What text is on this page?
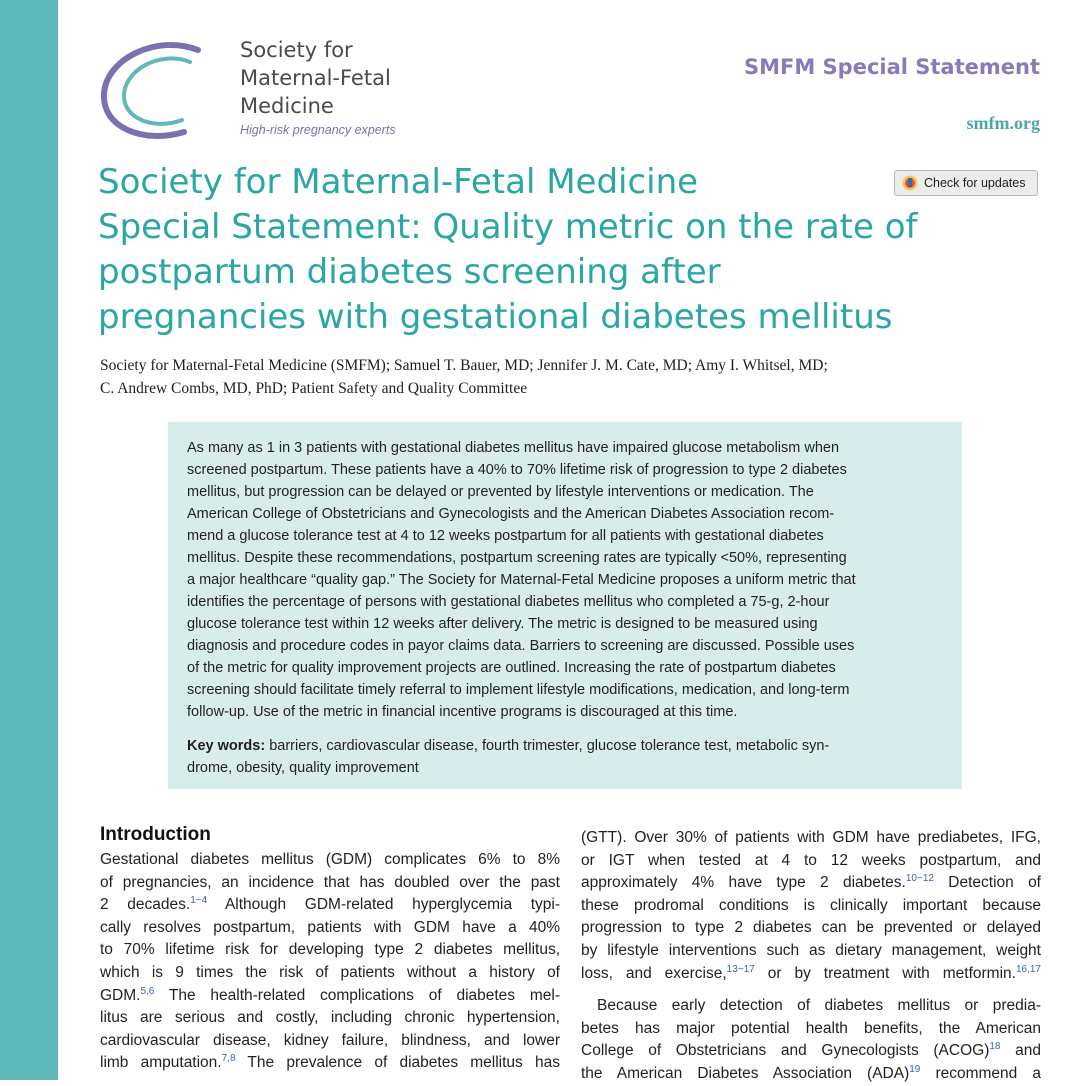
Society for
Maternal-Fetal
Medicine
High-risk pregnancy experts
SMFM Special Statement
smfm.org
Check for updates
Society for Maternal-Fetal Medicine
Special Statement: Quality metric on the rate of
postpartum diabetes screening after
pregnancies with gestational diabetes mellitus
Society for Maternal-Fetal Medicine (SMFM); Samuel T. Bauer, MD; Jennifer J. M. Cate, MD; Amy I. Whitsel, MD;
C. Andrew Combs, MD, PhD; Patient Safety and Quality Committee
As many as 1 in 3 patients with gestational diabetes mellitus have impaired glucose metabolism when
screened postpartum. These patients have a 40% to 70% lifetime risk of progression to type 2 diabetes
mellitus, but progression can be delayed or prevented by lifestyle interventions or medication. The
American College of Obstetricians and Gynecologists and the American Diabetes Association recom-
mend a glucose tolerance test at 4 to 12 weeks postpartum for all patients with gestational diabetes
mellitus. Despite these recommendations, postpartum screening rates are typically <50%, representing
a major healthcare “quality gap.” The Society for Maternal-Fetal Medicine proposes a uniform metric that
identifies the percentage of persons with gestational diabetes mellitus who completed a 75-g, 2-hour
glucose tolerance test within 12 weeks after delivery. The metric is designed to be measured using
diagnosis and procedure codes in payor claims data. Barriers to screening are discussed. Possible uses
of the metric for quality improvement projects are outlined. Increasing the rate of postpartum diabetes
screening should facilitate timely referral to implement lifestyle modifications, medication, and long-term
follow-up. Use of the metric in financial incentive programs is discouraged at this time.
Key words: barriers, cardiovascular disease, fourth trimester, glucose tolerance test, metabolic syn-
drome, obesity, quality improvement
Introduction
Gestational diabetes mellitus (GDM) complicates 6% to 8%
of pregnancies, an incidence that has doubled over the past
2 decades.$^{1-4}$ Although GDM-related hyperglycemia typi-
cally resolves postpartum, patients with GDM have a 40%
to 70% lifetime risk for developing type 2 diabetes mellitus,
which is 9 times the risk of patients without a history of
GDM.$^{5,6}$ The health-related complications of diabetes mel-
litus are serious and costly, including chronic hypertension,
cardiovascular disease, kidney failure, blindness, and lower
limb amputation.$^{7,8}$ The prevalence of diabetes mellitus has
(GTT). Over 30% of patients with GDM have prediabetes, IFG,
or IGT when tested at 4 to 12 weeks postpartum, and
approximately 4% have type 2 diabetes.$^{10-12}$ Detection of
these prodromal conditions is clinically important because
progression to type 2 diabetes can be prevented or delayed
by lifestyle interventions such as dietary management, weight
loss, and exercise,$^{13-17}$ or by treatment with metformin.$^{16,17}$
Because early detection of diabetes mellitus or predia-
betes has major potential health benefits, the American
College of Obstetricians and Gynecologists (ACOG)$^{18}$ and
the American Diabetes Association (ADA)$^{19}$ recommend a
